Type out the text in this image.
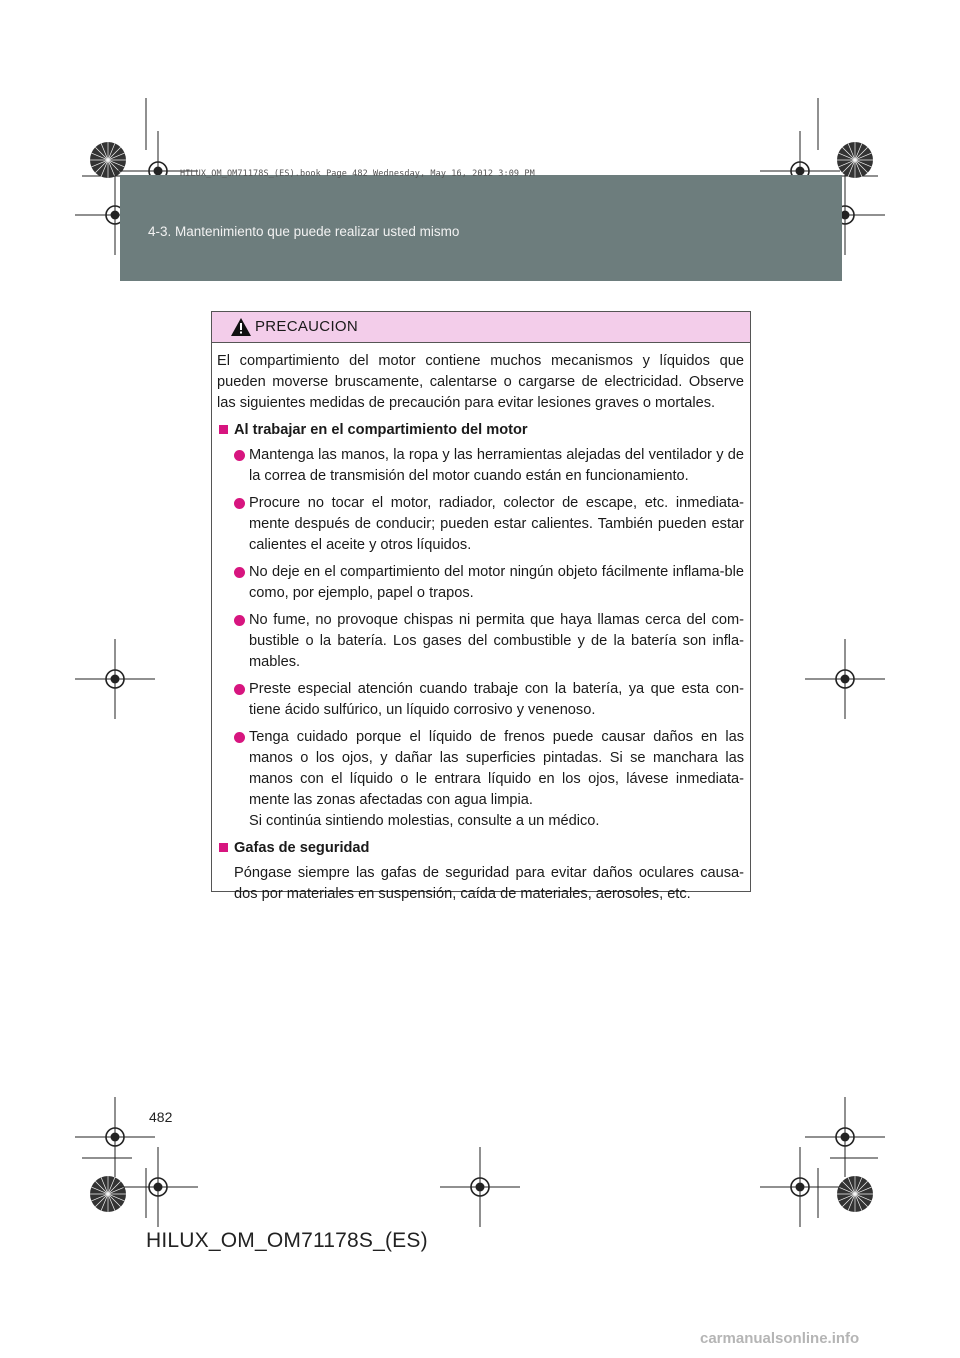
HILUX_OM_OM71178S_(ES).book Page 482 Wednesday, May 16, 2012 3:09 PM
4-3. Mantenimiento que puede realizar usted mismo
PRECAUCION

El compartimiento del motor contiene muchos mecanismos y líquidos que pueden moverse bruscamente, calentarse o cargarse de electricidad. Observe las siguientes medidas de precaución para evitar lesiones graves o mortales.

Al trabajar en el compartimiento del motor
Mantenga las manos, la ropa y las herramientas alejadas del ventilador y de la correa de transmisión del motor cuando están en funcionamiento.
Procure no tocar el motor, radiador, colector de escape, etc. inmediata-mente después de conducir; pueden estar calientes. También pueden estar calientes el aceite y otros líquidos.
No deje en el compartimiento del motor ningún objeto fácilmente inflama-ble como, por ejemplo, papel o trapos.
No fume, no provoque chispas ni permita que haya llamas cerca del com-bustible o la batería. Los gases del combustible y de la batería son infla-mables.
Preste especial atención cuando trabaje con la batería, ya que esta con-tiene ácido sulfúrico, un líquido corrosivo y venenoso.
Tenga cuidado porque el líquido de frenos puede causar daños en las manos o los ojos, y dañar las superficies pintadas. Si se manchara las manos con el líquido o le entrara líquido en los ojos, lávese inmediata-mente las zonas afectadas con agua limpia.
Si continúa sintiendo molestias, consulte a un médico.
Gafas de seguridad

Póngase siempre las gafas de seguridad para evitar daños oculares causa-dos por materiales en suspensión, caída de materiales, aerosoles, etc.

482
HILUX_OM_OM71178S_(ES)
carmanualsonline.info
